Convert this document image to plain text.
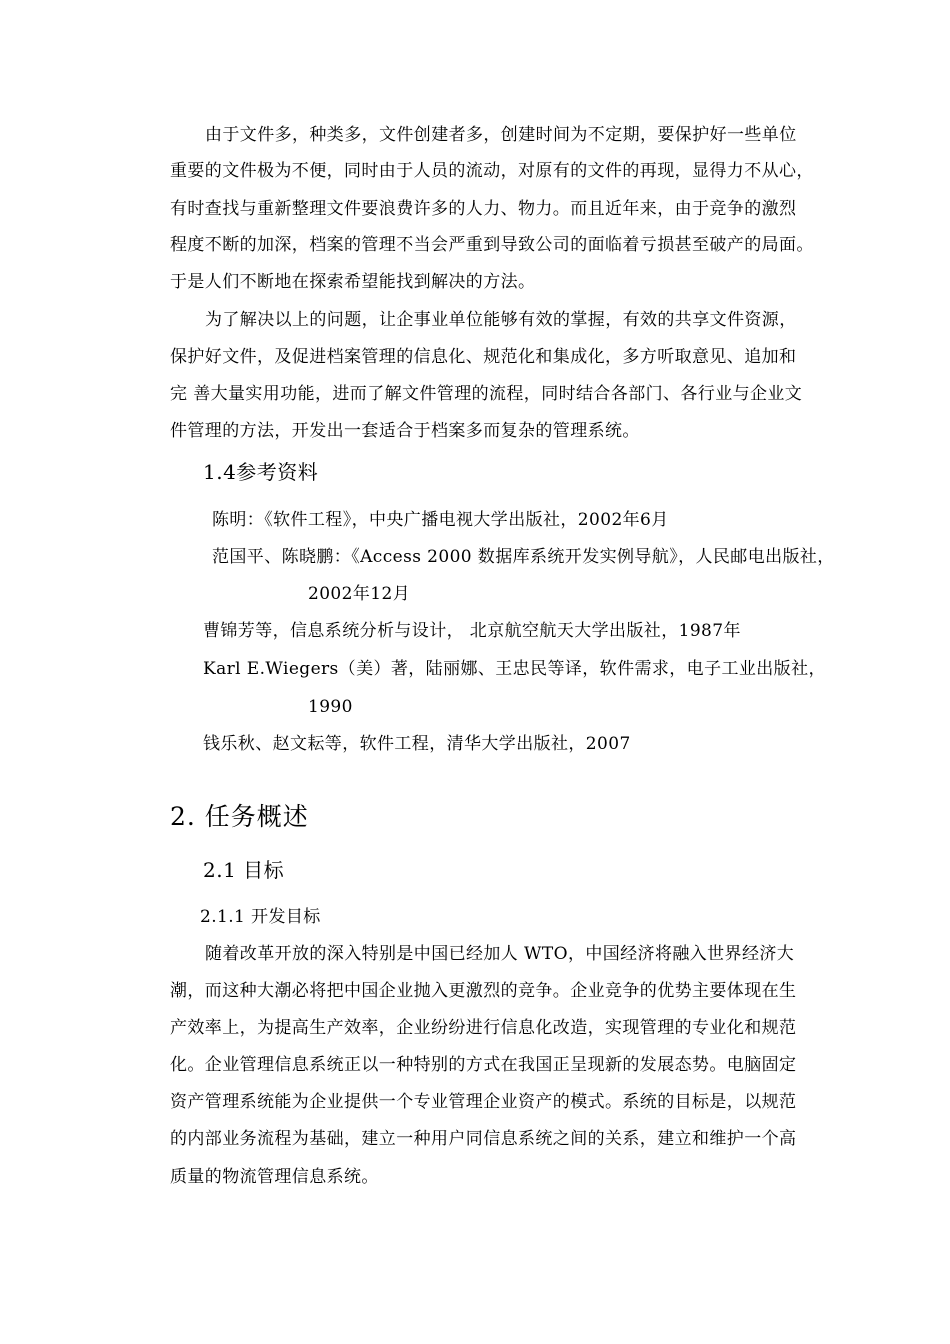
由于文件多，种类多，文件创建者多，创建时间为不定期，要保护好一些单位
重要的文件极为不便，同时由于人员的流动，对原有的文件的再现，显得力不从心，
有时查找与重新整理文件要浪费许多的人力、物力。而且近年来，由于竞争的激烈
程度不断的加深，档案的管理不当会严重到导致公司的面临着亏损甚至破产的局面。
于是人们不断地在探索希望能找到解决的方法。
为了解决以上的问题，让企事业单位能够有效的掌握，有效的共享文件资源，
保护好文件，及促进档案管理的信息化、规范化和集成化，多方听取意见、追加和
完 善大量实用功能，进而了解文件管理的流程，同时结合各部门、各行业与企业文
件管理的方法，开发出一套适合于档案多而复杂的管理系统。
1.4参考资料
陈明：《软件工程》，中央广播电视大学出版社，2002年6月
范国平、陈晓鹏：《Access 2000 数据库系统开发实例导航》，人民邮电出版社，
2002年12月
曹锦芳等，信息系统分析与设计， 北京航空航天大学出版社，1987年
Karl E.Wiegers（美）著，陆丽娜、王忠民等译，软件需求，电子工业出版社，
1990
钱乐秋、赵文耘等，软件工程，清华大学出版社，2007
2. 任务概述
2.1 目标
2.1.1 开发目标
随着改革开放的深入特别是中国已经加人 WTO，中国经济将融入世界经济大
潮，而这种大潮必将把中国企业抛入更激烈的竞争。企业竞争的优势主要体现在生
产效率上，为提高生产效率，企业纷纷进行信息化改造，实现管理的专业化和规范
化。企业管理信息系统正以一种特别的方式在我国正呈现新的发展态势。电脑固定
资产管理系统能为企业提供一个专业管理企业资产的模式。系统的目标是，以规范
的内部业务流程为基础，建立一种用户同信息系统之间的关系，建立和维护一个高
质量的物流管理信息系统。
